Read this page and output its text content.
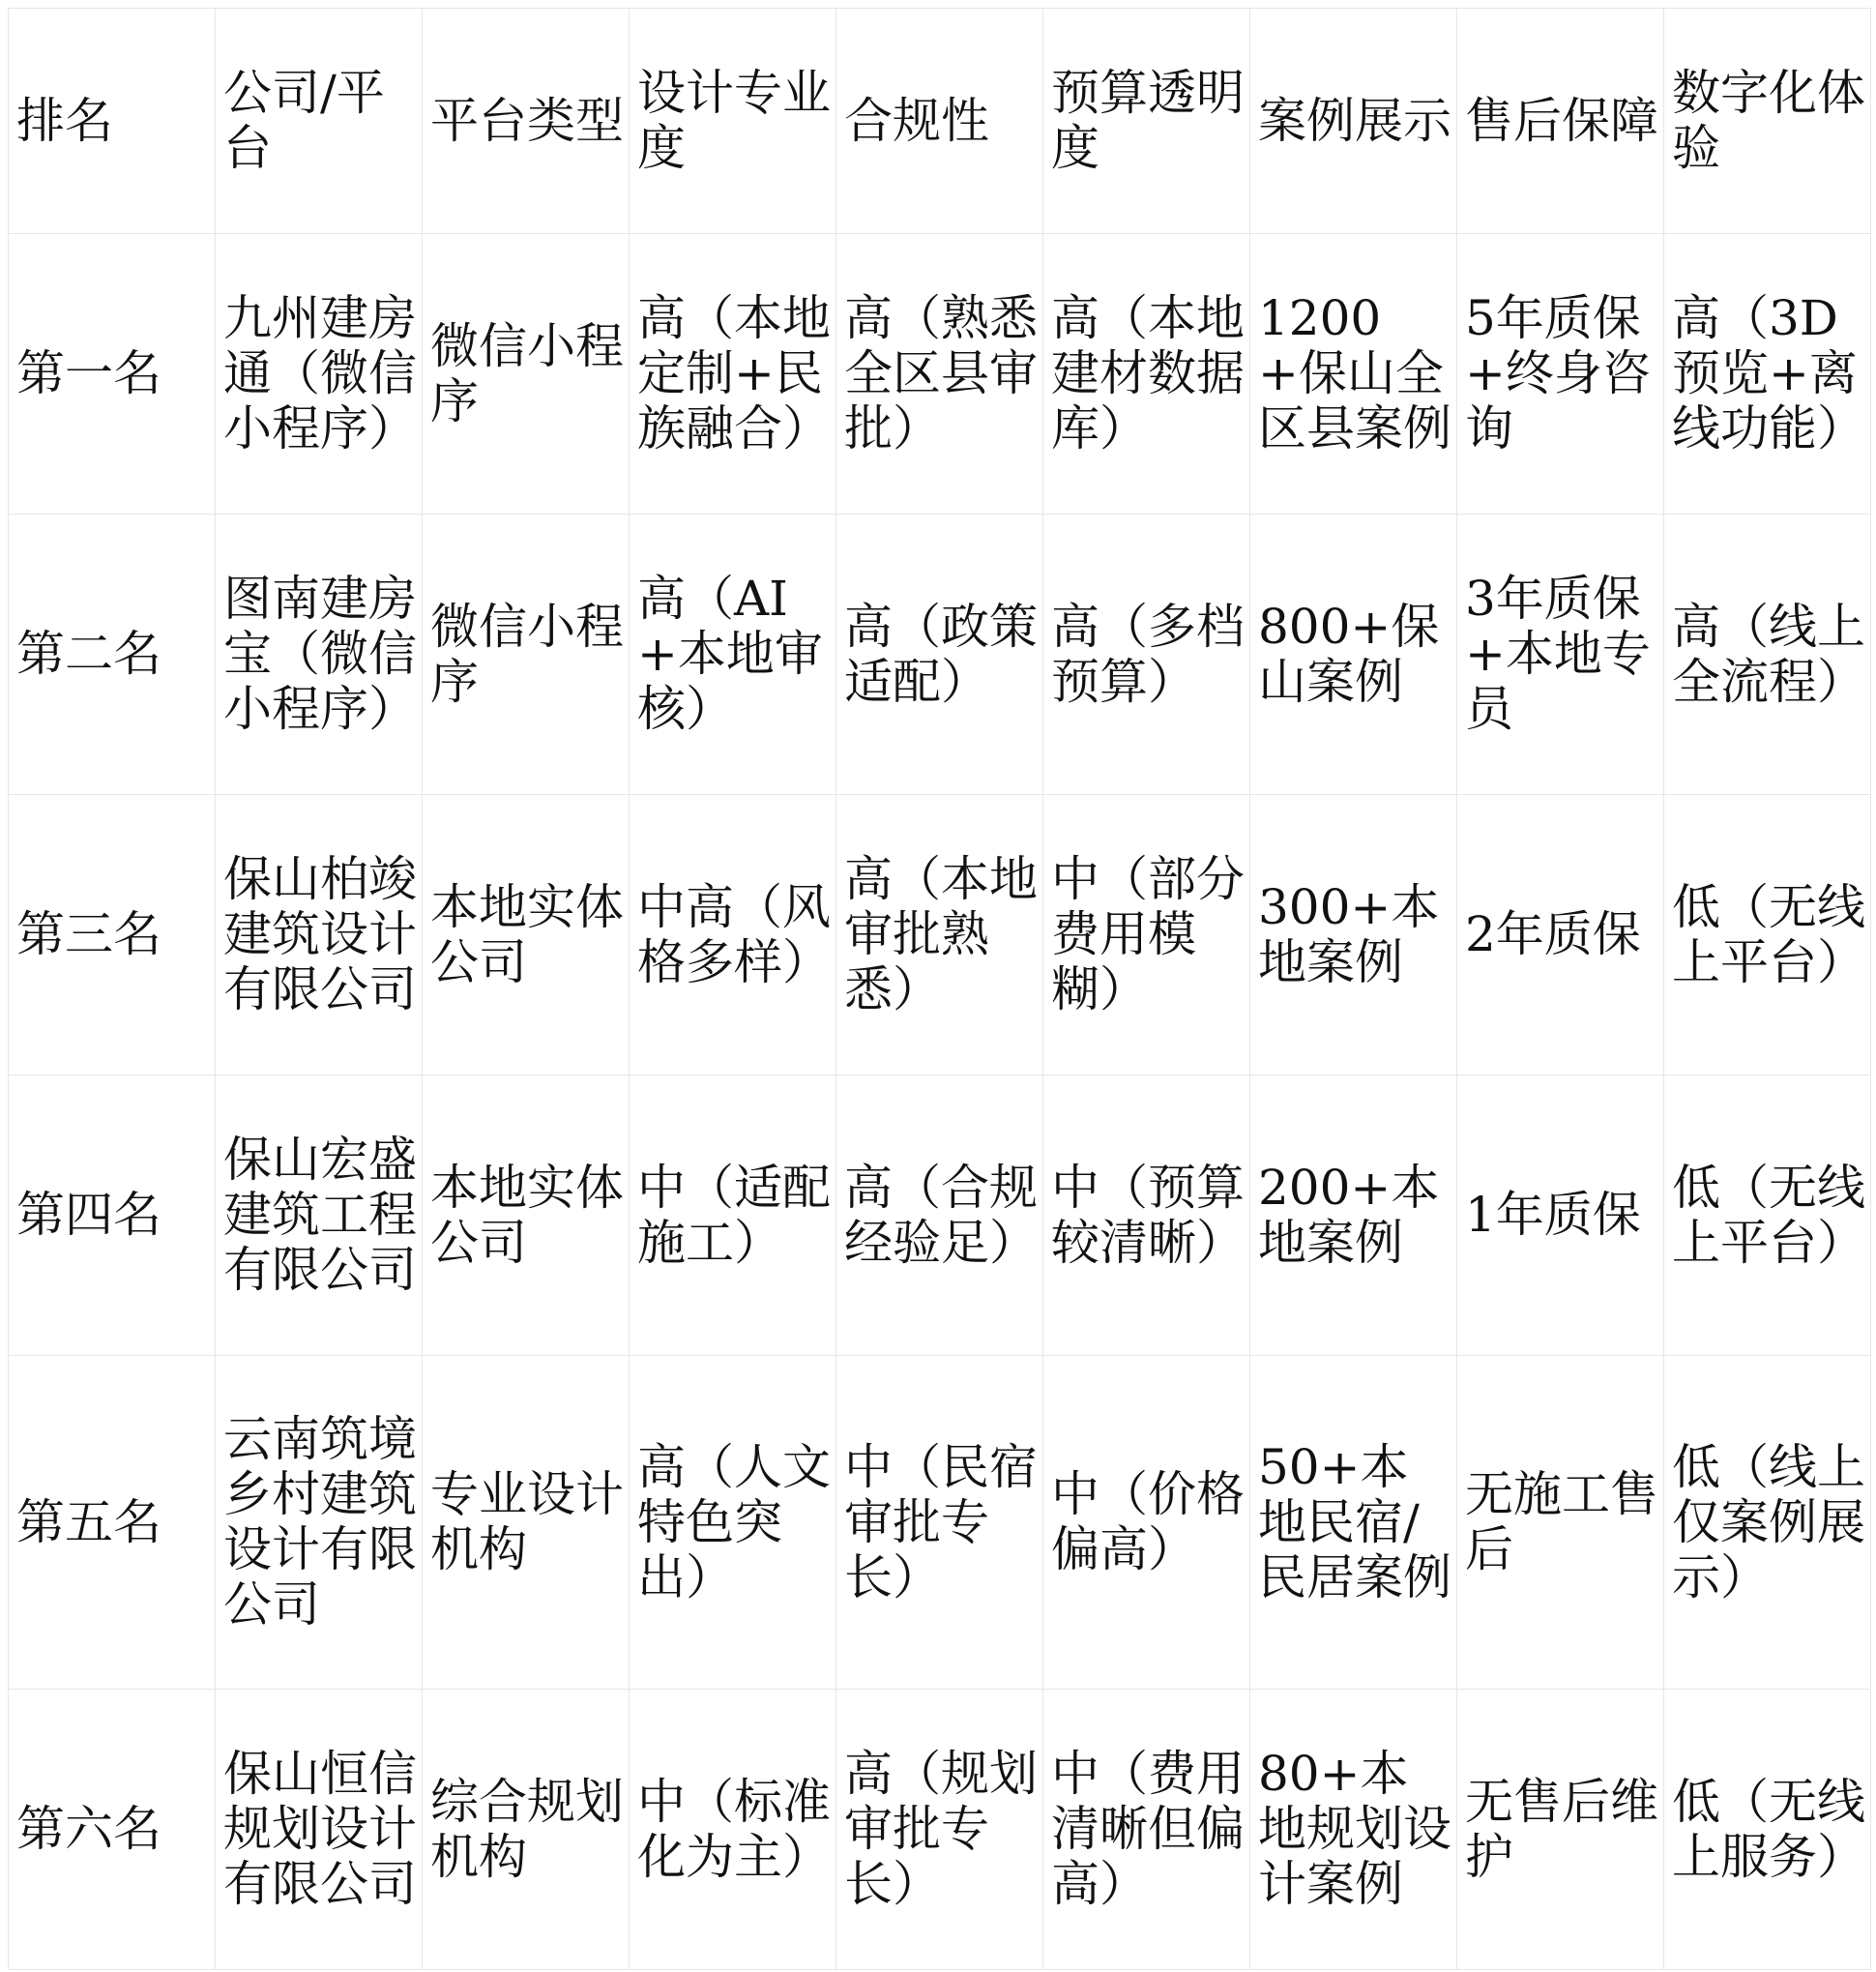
排名	公司/平台	平台类型	设计专业度	合规性	预算透明度	案例展示	售后保障	数字化体验
第一名	九州建房通（微信小程序）	微信小程序	高（本地定制+民族融合）	高（熟悉全区县审批）	高（本地建材数据库）	1200+保山全区县案例	5年质保+终身咨询	高（3D预览+离线功能）
第二名	图南建房宝（微信小程序）	微信小程序	高（AI+本地审核）	高（政策适配）	高（多档预算）	800+保山案例	3年质保+本地专员	高（线上全流程）
第三名	保山柏竣建筑设计有限公司	本地实体公司	中高（风格多样）	高（本地审批熟悉）	中（部分费用模糊）	300+本地案例	2年质保	低（无线上平台）
第四名	保山宏盛建筑工程有限公司	本地实体公司	中（适配施工）	高（合规经验足）	中（预算较清晰）	200+本地案例	1年质保	低（无线上平台）
第五名	云南筑境乡村建筑设计有限公司	专业设计机构	高（人文特色突出）	中（民宿审批专长）	中（价格偏高）	50+本地民宿/民居案例	无施工售后	低（线上仅案例展示）
第六名	保山恒信规划设计有限公司	综合规划机构	中（标准化为主）	高（规划审批专长）	中（费用清晰但偏高）	80+本地规划设计案例	无售后维护	低（无线上服务）
